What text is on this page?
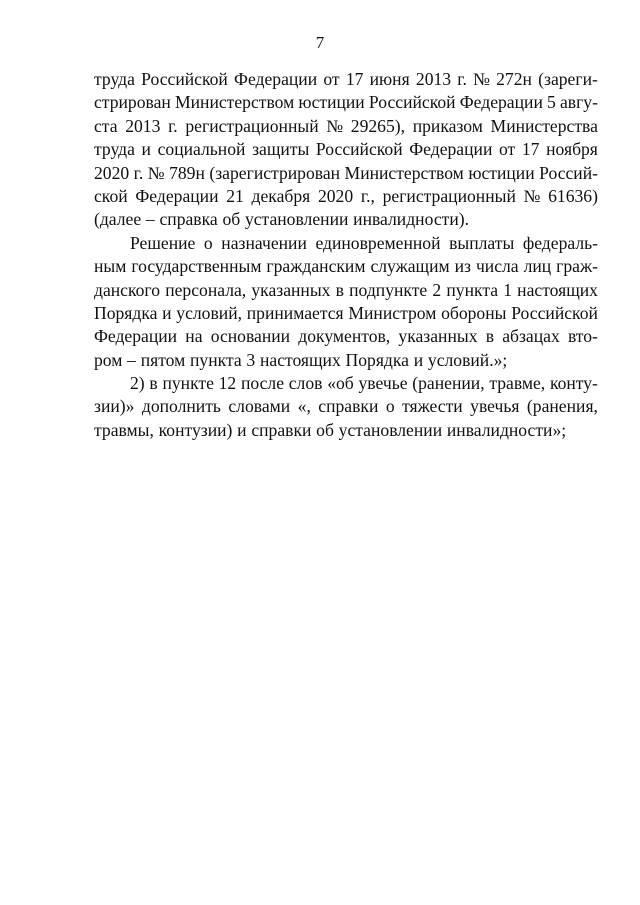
7
труда Российской Федерации от 17 июня 2013 г. № 272н (зареги-
стрирован Министерством юстиции Российской Федерации 5 авгу-
ста 2013 г. регистрационный № 29265), приказом Министерства
труда и социальной защиты Российской Федерации от 17 ноября
2020 г. № 789н (зарегистрирован Министерством юстиции Россий-
ской Федерации 21 декабря 2020 г., регистрационный № 61636)
(далее – справка об установлении инвалидности).
Решение о назначении единовременной выплаты федераль-
ным государственным гражданским служащим из числа лиц граж-
данского персонала, указанных в подпункте 2 пункта 1 настоящих
Порядка и условий, принимается Министром обороны Российской
Федерации на основании документов, указанных в абзацах вто-
ром – пятом пункта 3 настоящих Порядка и условий.»;
2) в пункте 12 после слов «об увечье (ранении, травме, конту-
зии)» дополнить словами «, справки о тяжести увечья (ранения,
травмы, контузии) и справки об установлении инвалидности»;
